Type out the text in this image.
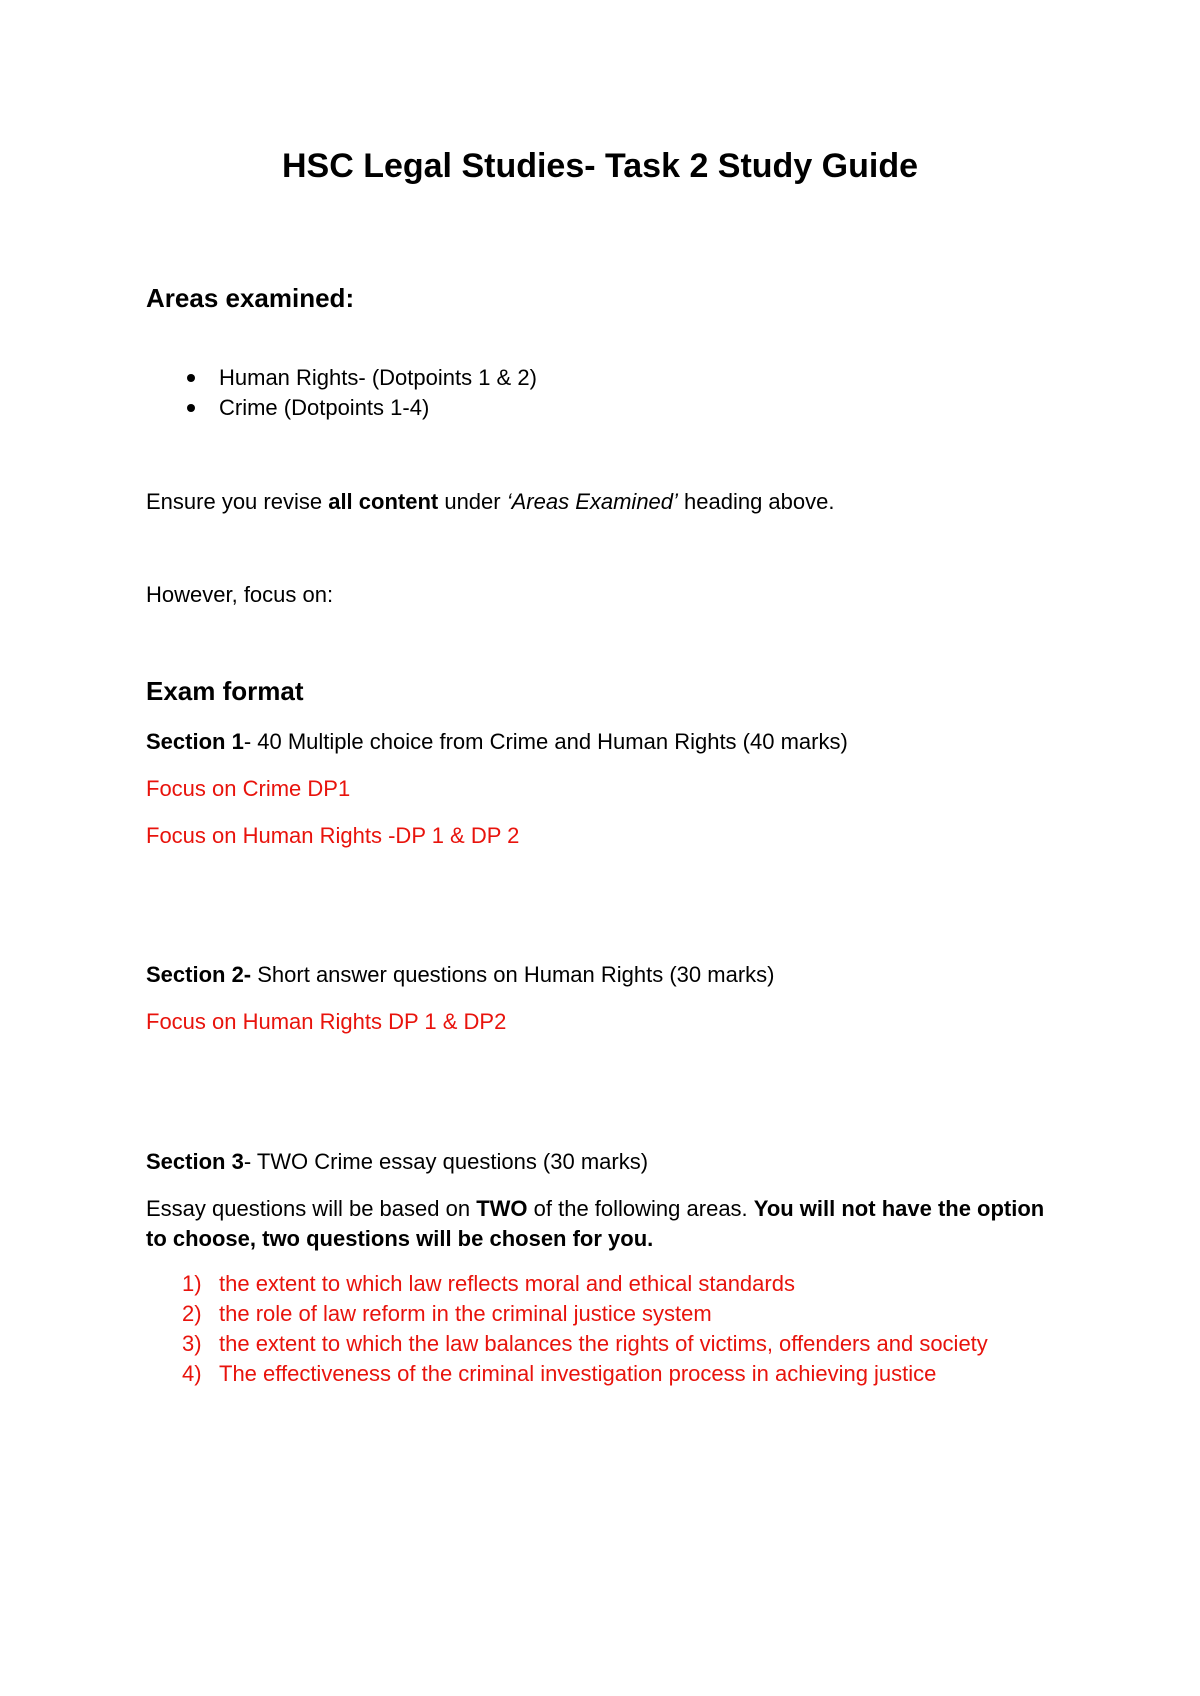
HSC Legal Studies- Task 2 Study Guide

Areas examined:

Human Rights- (Dotpoints 1 & 2)
Crime (Dotpoints 1-4)

Ensure you revise all content under ‘Areas Examined’ heading above.

However, focus on:

Exam format

Section 1- 40 Multiple choice from Crime and Human Rights (40 marks)

Focus on Crime DP1

Focus on Human Rights -DP 1 & DP 2

Section 2- Short answer questions on Human Rights (30 marks)

Focus on Human Rights DP 1 & DP2

Section 3- TWO Crime essay questions (30 marks)

Essay questions will be based on TWO of the following areas. You will not have the option to choose, two questions will be chosen for you.

1) the extent to which law reflects moral and ethical standards
2) the role of law reform in the criminal justice system
3) the extent to which the law balances the rights of victims, offenders and society
4) The effectiveness of the criminal investigation process in achieving justice
